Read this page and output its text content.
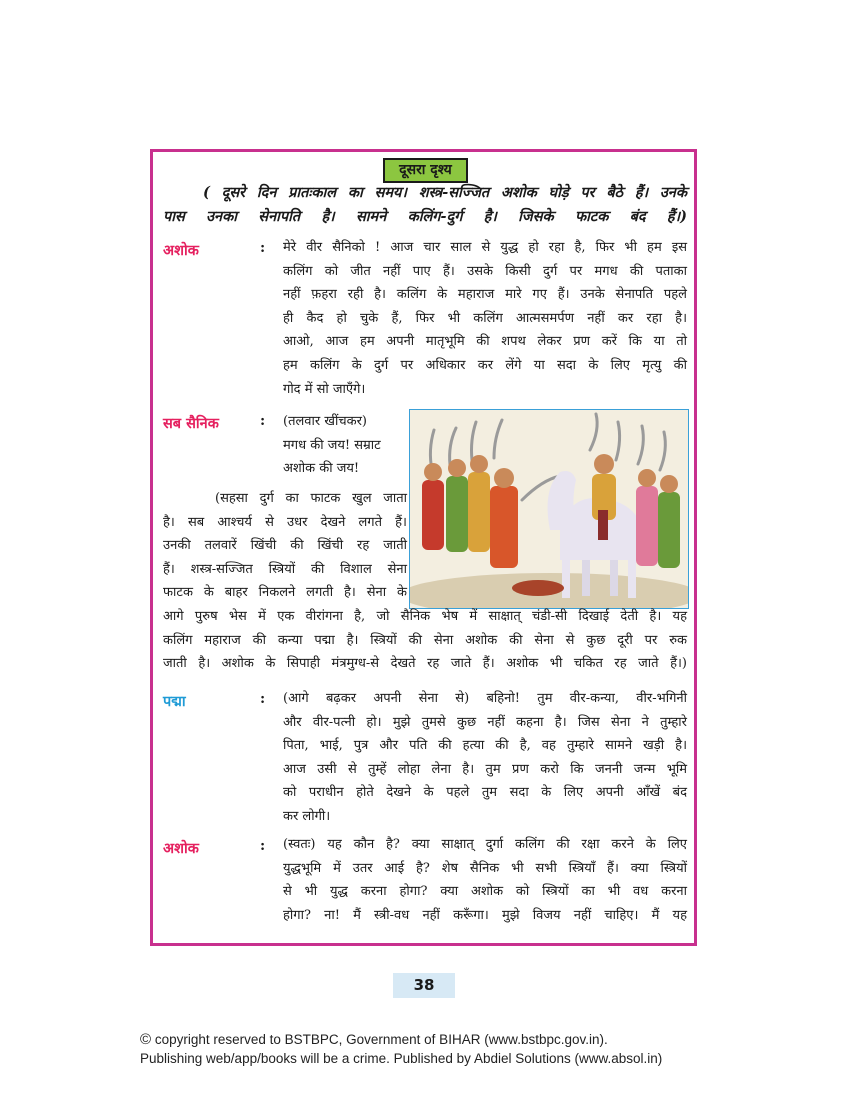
दूसरा दृश्य
( दूसरे दिन प्रातःकाल का समय। शस्त्र-सज्जित अशोक घोड़े पर बैठे हैं। उनके
पास उनका सेनापति है। सामने कलिंग-दुर्ग है। जिसके फाटक बंद हैं।)
अशोक	: मेरे वीर सैनिको ! आज चार साल से युद्ध हो रहा है, फिर भी हम इस

कलिंग को जीत नहीं पाए हैं। उसके किसी दुर्ग पर मगध की पताका

नहीं फ़हरा रही है। कलिंग के महाराज मारे गए हैं। उनके सेनापति पहले

ही कैद हो चुके हैं, फिर भी कलिंग आत्मसमर्पण नहीं कर रहा है।

आओ, आज हम अपनी मातृभूमि की शपथ लेकर प्रण करें कि या तो

हम कलिंग के दुर्ग पर अधिकार कर लेंगे या सदा के लिए मृत्यु की

गोद में सो जाएँगे।

सब सैनिक	: (तलवार खींचकर)

मगध की जय! सम्राट

अशोक की जय!

(सहसा दुर्ग का फाटक खुल जाता

है। सब आश्चर्य से उधर देखने लगते हैं।

उनकी तलवारें खिंची की खिंची रह जाती

हैं। शस्त्र-सज्जित स्त्रियों की विशाल सेना

फाटक के बाहर निकलने लगती है। सेना के

आगे पुरुष भेस में एक वीरांगना है, जो सैनिक भेष में साक्षात् चंडी-सी दिखाई देती है। यह

कलिंग महाराज की कन्या पद्मा है। स्त्रियों की सेना अशोक की सेना से कुछ दूरी पर रुक

जाती है। अशोक के सिपाही मंत्रमुग्ध-से देखते रह जाते हैं। अशोक भी चकित रह जाते हैं।)

पद्मा	: (आगे बढ़कर अपनी सेना से) बहिनो! तुम वीर-कन्या, वीर-भगिनी

और वीर-पत्नी हो। मुझे तुमसे कुछ नहीं कहना है। जिस सेना ने तुम्हारे

पिता, भाई, पुत्र और पति की हत्या की है, वह तुम्हारे सामने खड़ी है।

आज उसी से तुम्हें लोहा लेना है। तुम प्रण करो कि जननी जन्म भूमि

को पराधीन होते देखने के पहले तुम सदा के लिए अपनी आँखें बंद

कर लोगी।

अशोक	: (स्वतः) यह कौन है? क्या साक्षात् दुर्गा कलिंग की रक्षा करने के लिए

युद्धभूमि में उतर आई है? शेष सैनिक भी सभी स्त्रियाँ हैं। क्या स्त्रियों

से भी युद्ध करना होगा? क्या अशोक को स्त्रियों का भी वध करना

होगा? ना! मैं स्त्री-वध नहीं करूँगा। मुझे विजय नहीं चाहिए। मैं यह

38
© copyright reserved to BSTBPC, Government of BIHAR (www.bstbpc.gov.in).
Publishing web/app/books will be a crime. Published by Abdiel Solutions (www.absol.in)
